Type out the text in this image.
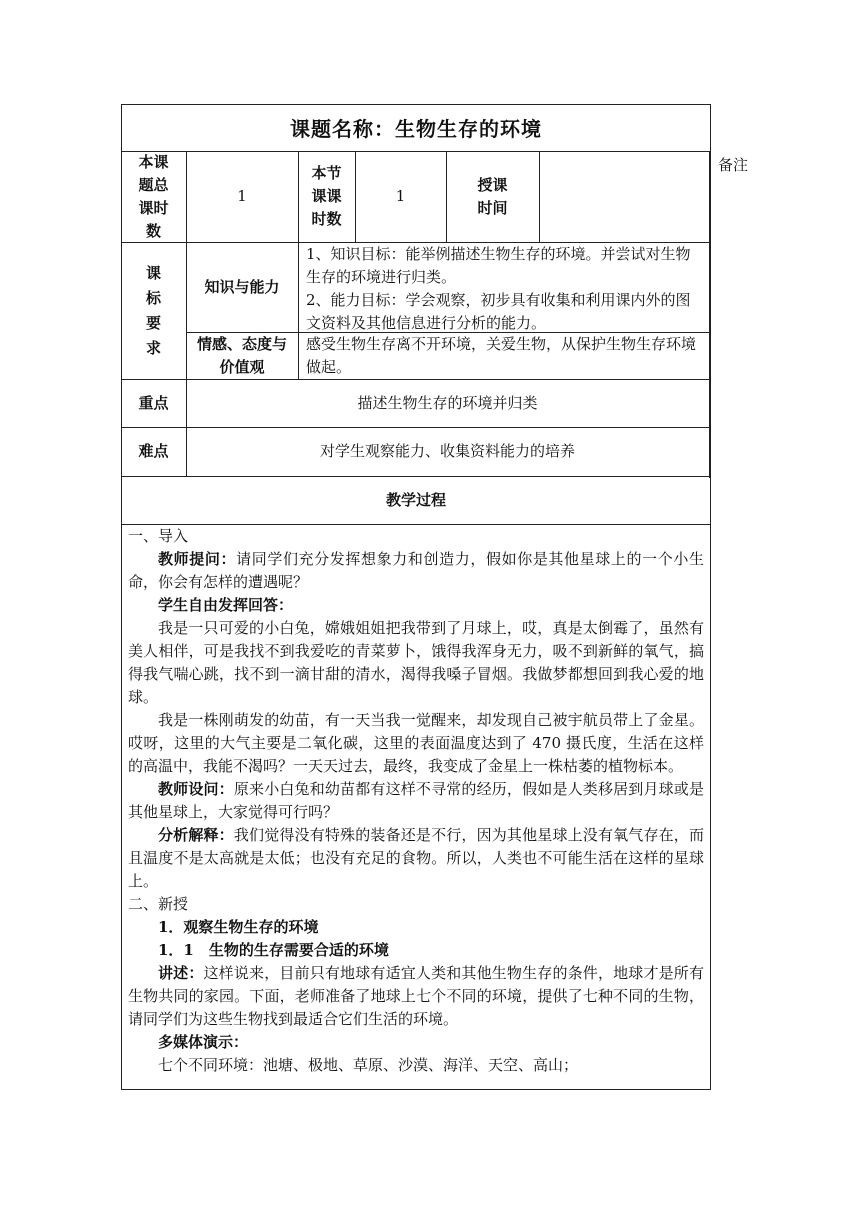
课题名称：生物生存的环境
本课题总课时数
1
本节课课时数
1
授课时间
备注
课标要求
知识与能力
1、知识目标：能举例描述生物生存的环境。并尝试对生物生存的环境进行归类。
2、能力目标：学会观察，初步具有收集和利用课内外的图文资料及其他信息进行分析的能力。
情感、态度与价值观
感受生物生存离不开环境，关爱生物，从保护生物生存环境做起。
重点	描述生物生存的环境并归类
难点	对学生观察能力、收集资料能力的培养
教学过程
一、导入
教师提问：请同学们充分发挥想象力和创造力，假如你是其他星球上的一个小生命，你会有怎样的遭遇呢？
学生自由发挥回答：
我是一只可爱的小白兔，嫦娥姐姐把我带到了月球上，哎，真是太倒霉了，虽然有美人相伴，可是我找不到我爱吃的青菜萝卜，饿得我浑身无力，吸不到新鲜的氧气，搞得我气喘心跳，找不到一滴甘甜的清水，渴得我嗓子冒烟。我做梦都想回到我心爱的地球。
我是一株刚萌发的幼苗，有一天当我一觉醒来，却发现自己被宇航员带上了金星。哎呀，这里的大气主要是二氧化碳，这里的表面温度达到了 470 摄氏度，生活在这样的高温中，我能不渴吗？一天天过去，最终，我变成了金星上一株枯萎的植物标本。
教师设问：原来小白兔和幼苗都有这样不寻常的经历，假如是人类移居到月球或是其他星球上，大家觉得可行吗？
分析解释：我们觉得没有特殊的装备还是不行，因为其他星球上没有氧气存在，而且温度不是太高就是太低；也没有充足的食物。所以，人类也不可能生活在这样的星球上。
二、新授
1．观察生物生存的环境
1．1　生物的生存需要合适的环境
讲述：这样说来，目前只有地球有适宜人类和其他生物生存的条件，地球才是所有生物共同的家园。下面，老师准备了地球上七个不同的环境，提供了七种不同的生物，请同学们为这些生物找到最适合它们生活的环境。
多媒体演示：
七个不同环境：池塘、极地、草原、沙漠、海洋、天空、高山；
